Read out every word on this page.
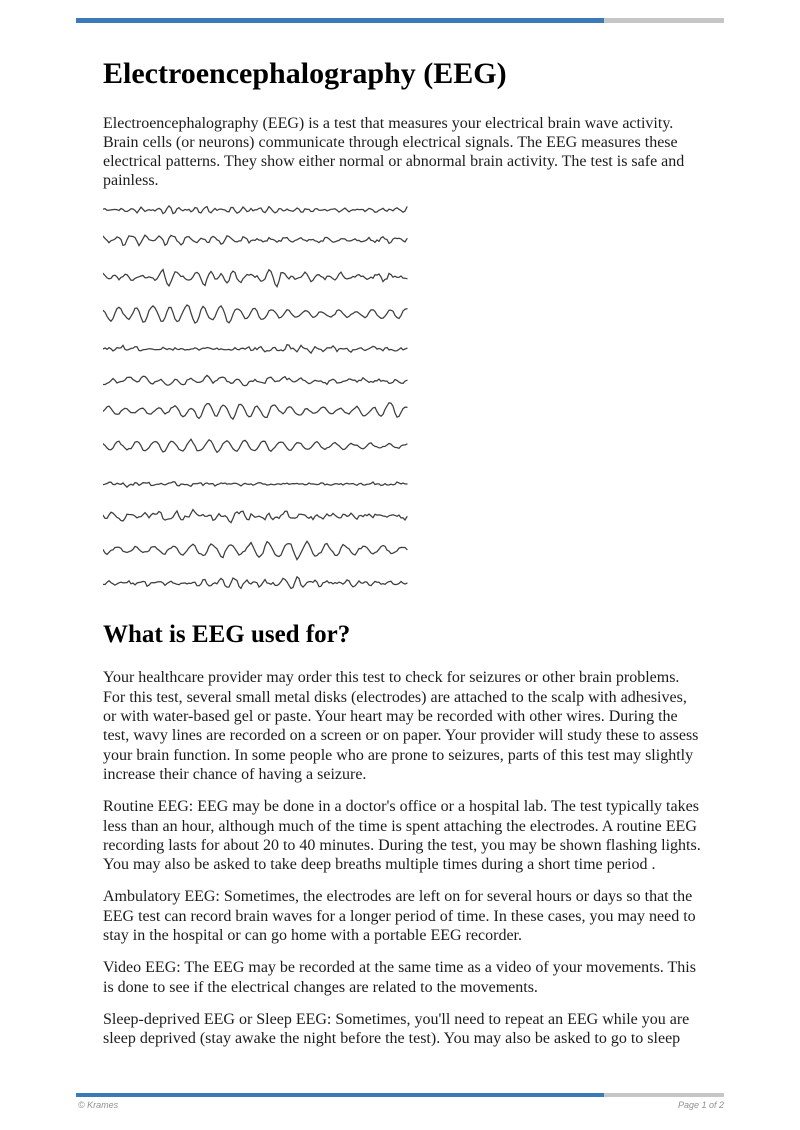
Electroencephalography (EEG)

Electroencephalography (EEG) is a test that measures your electrical brain wave activity. Brain cells (or neurons) communicate through electrical signals. The EEG measures these electrical patterns. They show either normal or abnormal brain activity. The test is safe and painless.

What is EEG used for?

Your healthcare provider may order this test to check for seizures or other brain problems. For this test, several small metal disks (electrodes) are attached to the scalp with adhesives, or with water-based gel or paste. Your heart may be recorded with other wires. During the test, wavy lines are recorded on a screen or on paper. Your provider will study these to assess your brain function. In some people who are prone to seizures, parts of this test may slightly increase their chance of having a seizure.

Routine EEG: EEG may be done in a doctor's office or a hospital lab. The test typically takes less than an hour, although much of the time is spent attaching the electrodes. A routine EEG recording lasts for about 20 to 40 minutes. During the test, you may be shown flashing lights. You may also be asked to take deep breaths multiple times during a short time period .

Ambulatory EEG: Sometimes, the electrodes are left on for several hours or days so that the EEG test can record brain waves for a longer period of time. In these cases, you may need to stay in the hospital or can go home with a portable EEG recorder.

Video EEG: The EEG may be recorded at the same time as a video of your movements. This is done to see if the electrical changes are related to the movements.

Sleep-deprived EEG or Sleep EEG: Sometimes, you'll need to repeat an EEG while you are sleep deprived (stay awake the night before the test). You may also be asked to go to sleep

© Krames	Page 1 of 2
